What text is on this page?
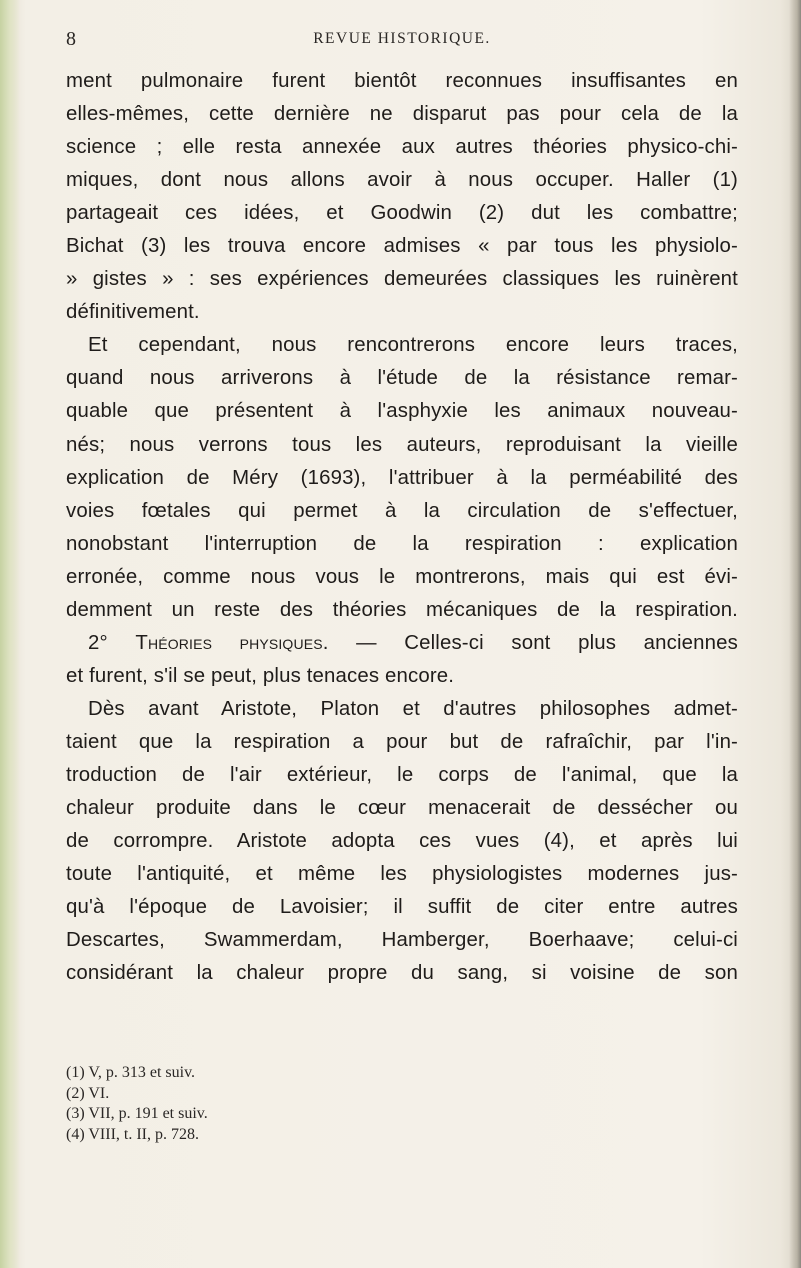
8	REVUE HISTORIQUE.
ment pulmonaire furent bientôt reconnues insuffisantes en
elles-mêmes, cette dernière ne disparut pas pour cela de la
science ; elle resta annexée aux autres théories physico-chi-
miques, dont nous allons avoir à nous occuper. Haller (1)
partageait ces idées, et Goodwin (2) dut les combattre;
Bichat (3) les trouva encore admises « par tous les physiolo-
» gistes » : ses expériences demeurées classiques les ruinèrent
définitivement.
Et cependant, nous rencontrerons encore leurs traces,
quand nous arriverons à l'étude de la résistance remar-
quable que présentent à l'asphyxie les animaux nouveau-
nés; nous verrons tous les auteurs, reproduisant la vieille
explication de Méry (1693), l'attribuer à la perméabilité des
voies fœtales qui permet à la circulation de s'effectuer,
nonobstant l'interruption de la respiration : explication
erronée, comme nous vous le montrerons, mais qui est évi-
demment un reste des théories mécaniques de la respiration.
2° Théories physiques. — Celles-ci sont plus anciennes
et furent, s'il se peut, plus tenaces encore.
Dès avant Aristote, Platon et d'autres philosophes admet-
taient que la respiration a pour but de rafraîchir, par l'in-
troduction de l'air extérieur, le corps de l'animal, que la
chaleur produite dans le cœur menacerait de dessécher ou
de corrompre. Aristote adopta ces vues (4), et après lui
toute l'antiquité, et même les physiologistes modernes jus-
qu'à l'époque de Lavoisier; il suffit de citer entre autres
Descartes, Swammerdam, Hamberger, Boerhaave; celui-ci
considérant la chaleur propre du sang, si voisine de son
(1) V, p. 313 et suiv.
(2) VI.
(3) VII, p. 191 et suiv.
(4) VIII, t. II, p. 728.
